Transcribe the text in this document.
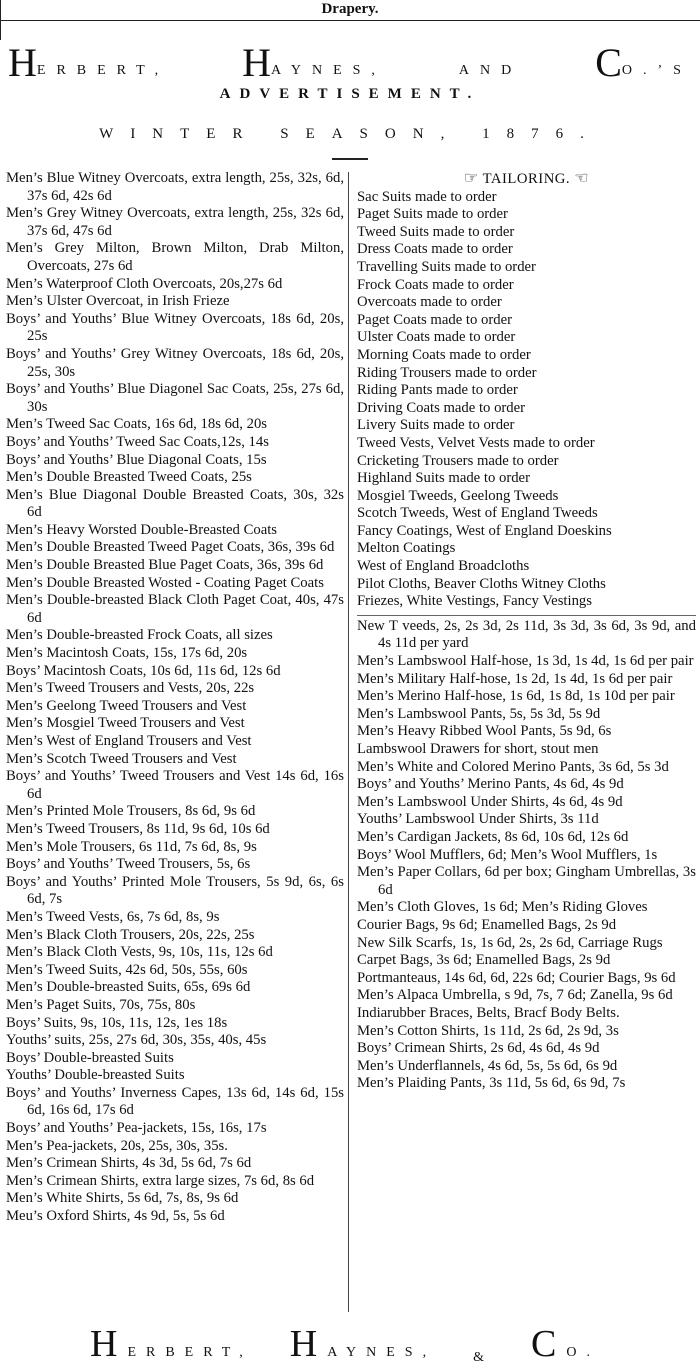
Drapery.
HERBERT, HAYNES,	AND CO.’S
ADVERTISEMENT.
WINTER SEASON, 1876.

Men’s Blue Witney Overcoats, extra length, 25s, 32s, 6d, 37s 6d, 42s 6d

Men’s Grey Witney Overcoats, extra length, 25s, 32s 6d, 37s 6d, 47s 6d

Men’s Grey Milton, Brown Milton, Drab Milton, Overcoats, 27s 6d

Men’s Waterproof Cloth Overcoats, 20s,27s 6d

Men’s Ulster Overcoat, in Irish Frieze

Boys’ and Youths’ Blue Witney Overcoats, 18s 6d, 20s, 25s

Boys’ and Youths’ Grey Witney Overcoats, 18s 6d, 20s, 25s, 30s

Boys’ and Youths’ Blue Diagonel Sac Coats, 25s, 27s 6d, 30s

Men’s Tweed Sac Coats, 16s 6d, 18s 6d, 20s

Boys’ and Youths’ Tweed Sac Coats,12s, 14s

Boys’ and Youths’ Blue Diagonal Coats, 15s

Men’s Double Breasted Tweed Coats, 25s

Men’s Blue Diagonal Double Breasted Coats, 30s, 32s 6d

Men’s Heavy Worsted Double-Breasted Coats

Men’s Double Breasted Tweed Paget Coats, 36s, 39s 6d

Men’s Double Breasted Blue Paget Coats, 36s, 39s 6d

Men’s Double Breasted Wosted - Coating Paget Coats

Men’s Double-breasted Black Cloth Paget Coat, 40s, 47s 6d

Men’s Double-breasted Frock Coats, all sizes

Men’s Macintosh Coats, 15s, 17s 6d, 20s

Boys’ Macintosh Coats, 10s 6d, 11s 6d, 12s 6d

Men’s Tweed Trousers and Vests, 20s, 22s

Men’s Geelong Tweed Trousers and Vest

Men’s Mosgiel Tweed Trousers and Vest

Men’s West of England Trousers and Vest

Men’s Scotch Tweed Trousers and Vest

Boys’ and Youths’ Tweed Trousers and Vest 14s 6d, 16s 6d

Men’s Printed Mole Trousers, 8s 6d, 9s 6d

Men’s Tweed Trousers, 8s 11d, 9s 6d, 10s 6d

Men’s Mole Trousers, 6s 11d, 7s 6d, 8s, 9s

Boys’ and Youths’ Tweed Trousers, 5s, 6s

Boys’ and Youths’ Printed Mole Trousers, 5s 9d, 6s, 6s 6d, 7s

Men’s Tweed Vests, 6s, 7s 6d, 8s, 9s

Men’s Black Cloth Trousers, 20s, 22s, 25s

Men’s Black Cloth Vests, 9s, 10s, 11s, 12s 6d

Men’s Tweed Suits, 42s 6d, 50s, 55s, 60s

Men’s Double-breasted Suits, 65s, 69s 6d

Men’s Paget Suits, 70s, 75s, 80s

Boys’ Suits, 9s, 10s, 11s, 12s, 1es 18s

Youths’ suits, 25s, 27s 6d, 30s, 35s, 40s, 45s

Boys’ Double-breasted Suits

Youths’ Double-breasted Suits

Boys’ and Youths’ Inverness Capes, 13s 6d, 14s 6d, 15s 6d, 16s 6d, 17s 6d

Boys’ and Youths’ Pea-jackets, 15s, 16s, 17s

Men’s Pea-jackets, 20s, 25s, 30s, 35s.

Men’s Crimean Shirts, 4s 3d, 5s 6d, 7s 6d

Men’s Crimean Shirts, extra large sizes, 7s 6d, 8s 6d

Men’s White Shirts, 5s 6d, 7s, 8s, 9s 6d

Meu’s Oxford Shirts, 4s 9d, 5s, 5s 6d

☞ TAILORING. ☜

Sac Suits made to order

Paget Suits made to order

Tweed Suits made to order

Dress Coats made to order

Travelling Suits made to order

Frock Coats made to order

Overcoats made to order

Paget Coats made to order

Ulster Coats made to order

Morning Coats made to order

Riding Trousers made to order

Riding Pants made to order

Driving Coats made to order

Livery Suits made to order

Tweed Vests, Velvet Vests made to order

Cricketing Trousers made to order

Highland Suits made to order

Mosgiel Tweeds, Geelong Tweeds

Scotch Tweeds, West of England Tweeds

Fancy Coatings, West of England Doeskins

Melton Coatings

West of England Broadcloths

Pilot Cloths, Beaver Cloths Witney Cloths

Friezes, White Vestings, Fancy Vestings

New T veeds, 2s, 2s 3d, 2s 11d, 3s 3d, 3s 6d, 3s 9d, and 4s 11d per yard

Men’s Lambswool Half-hose, 1s 3d, 1s 4d, 1s 6d per pair

Men’s Military Half-hose, 1s 2d, 1s 4d, 1s 6d per pair

Men’s Merino Half-hose, 1s 6d, 1s 8d, 1s 10d per pair

Men’s Lambswool Pants, 5s, 5s 3d, 5s 9d

Men’s Heavy Ribbed Wool Pants, 5s 9d, 6s

Lambswool Drawers for short, stout men

Men’s White and Colored Merino Pants, 3s 6d, 5s 3d

Boys’ and Youths’ Merino Pants, 4s 6d, 4s 9d

Men’s Lambswool Under Shirts, 4s 6d, 4s 9d

Youths’ Lambswool Under Shirts, 3s 11d

Men’s Cardigan Jackets, 8s 6d, 10s 6d, 12s 6d

Boys’ Wool Mufflers, 6d; Men’s Wool Mufflers, 1s

Men’s Paper Collars, 6d per box; Gingham Umbrellas, 3s 6d

Men’s Cloth Gloves, 1s 6d; Men’s Riding Gloves

Courier Bags, 9s 6d; Enamelled Bags, 2s 9d

New Silk Scarfs, 1s, 1s 6d, 2s, 2s 6d, Carriage Rugs

Carpet Bags, 3s 6d; Enamelled Bags, 2s 9d

Portmanteaus, 14s 6d, 6d, 22s 6d; Courier Bags, 9s 6d

Men’s Alpaca Umbrella, s 9d, 7s, 7 6d; Zanella, 9s 6d

Indiarubber Braces, Belts, Bracf Body Belts.

Men’s Cotton Shirts, 1s 11d, 2s 6d, 2s 9d, 3s

Boys’ Crimean Shirts, 2s 6d, 4s 6d, 4s 9d

Men’s Underflannels, 4s 6d, 5s, 5s 6d, 6s 9d

Men’s Plaiding Pants, 3s 11d, 5s 6d, 6s 9d, 7s

HERBERT, HAYNES,	& CO.
